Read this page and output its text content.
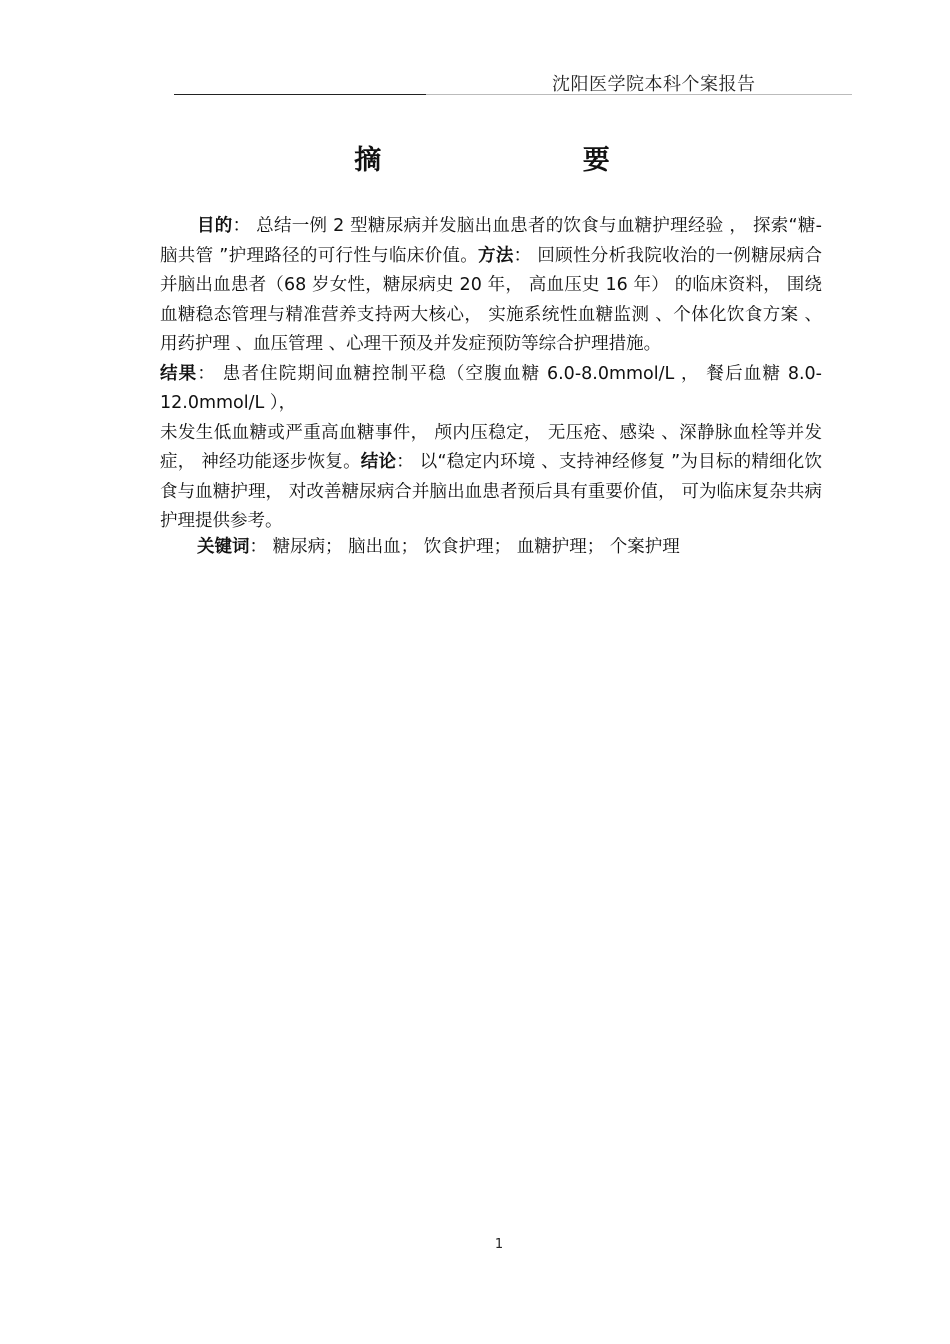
沈阳医学院本科个案报告
摘 要

目的： 总结一例 2 型糖尿病并发脑出血患者的饮食与血糖护理经验 ， 探索“糖-脑共管 ”护理路径的可行性与临床价值。方法： 回顾性分析我院收治的一例糖尿病合并脑出血患者（68 岁女性，糖尿病史 20 年， 高血压史 16 年） 的临床资料， 围绕血糖稳态管理与精准营养支持两大核心， 实施系统性血糖监测 、个体化饮食方案 、用药护理 、血压管理 、心理干预及并发症预防等综合护理措施。

结果： 患者住院期间血糖控制平稳（空腹血糖 6.0-8.0mmol/L ， 餐后血糖 8.0-12.0mmol/L ），

未发生低血糖或严重高血糖事件， 颅内压稳定， 无压疮、感染 、深静脉血栓等并发症， 神经功能逐步恢复。结论： 以“稳定内环境 、支持神经修复 ”为目标的精细化饮食与血糖护理， 对改善糖尿病合并脑出血患者预后具有重要价值， 可为临床复杂共病护理提供参考。

关键词： 糖尿病； 脑出血； 饮食护理； 血糖护理； 个案护理
1
